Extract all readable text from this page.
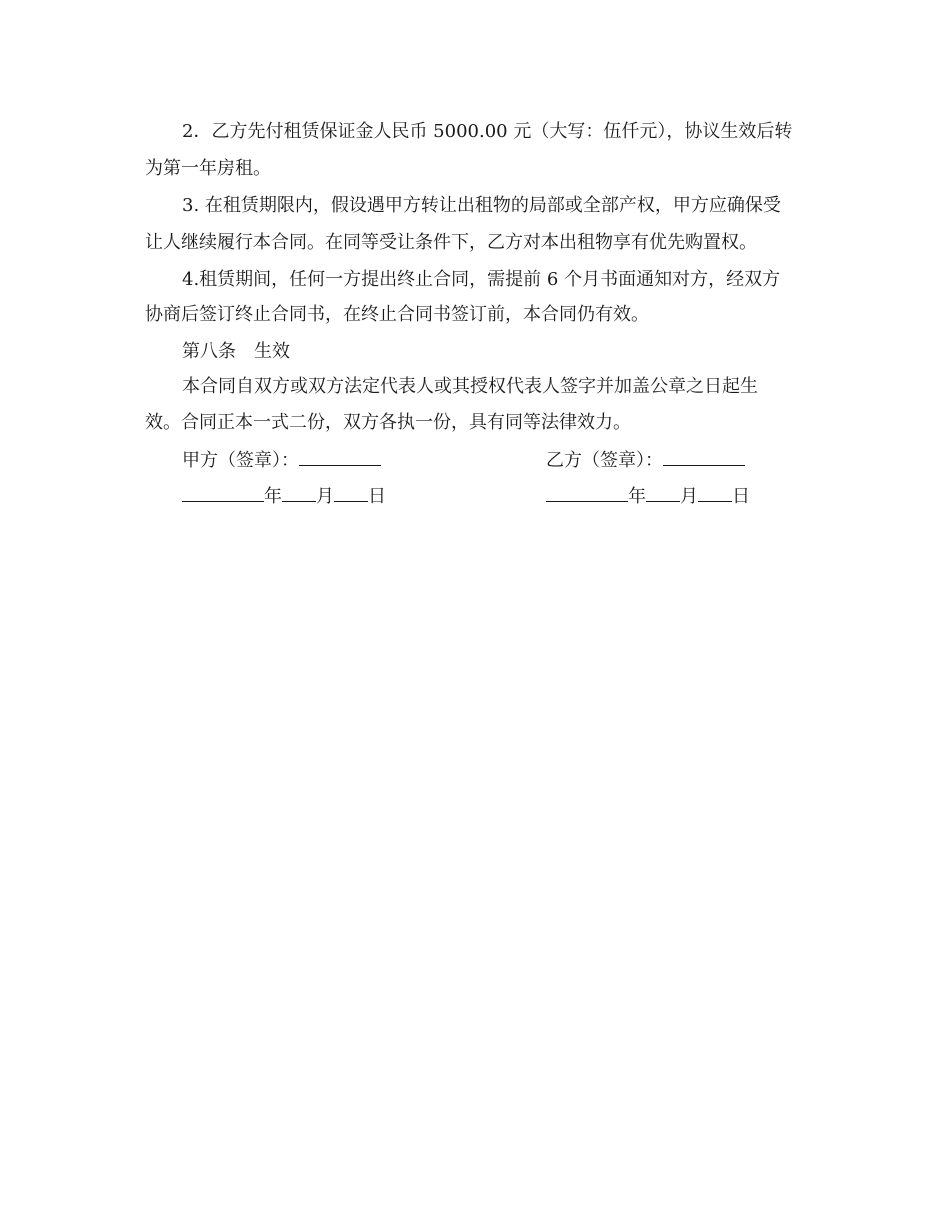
2．乙方先付租赁保证金人民币 5000.00 元（大写：伍仟元），协议生效后转
为第一年房租。
3. 在租赁期限内，假设遇甲方转让出租物的局部或全部产权，甲方应确保受
让人继续履行本合同。在同等受让条件下，乙方对本出租物享有优先购置权。
4.租赁期间，任何一方提出终止合同，需提前 6 个月书面通知对方，经双方
协商后签订终止合同书，在终止合同书签订前，本合同仍有效。
第八条　生效
本合同自双方或双方法定代表人或其授权代表人签字并加盖公章之日起生
效。合同正本一式二份，双方各执一份，具有同等法律效力。
甲方（签章）：	乙方（签章）：
年 月 日	年 月 日
